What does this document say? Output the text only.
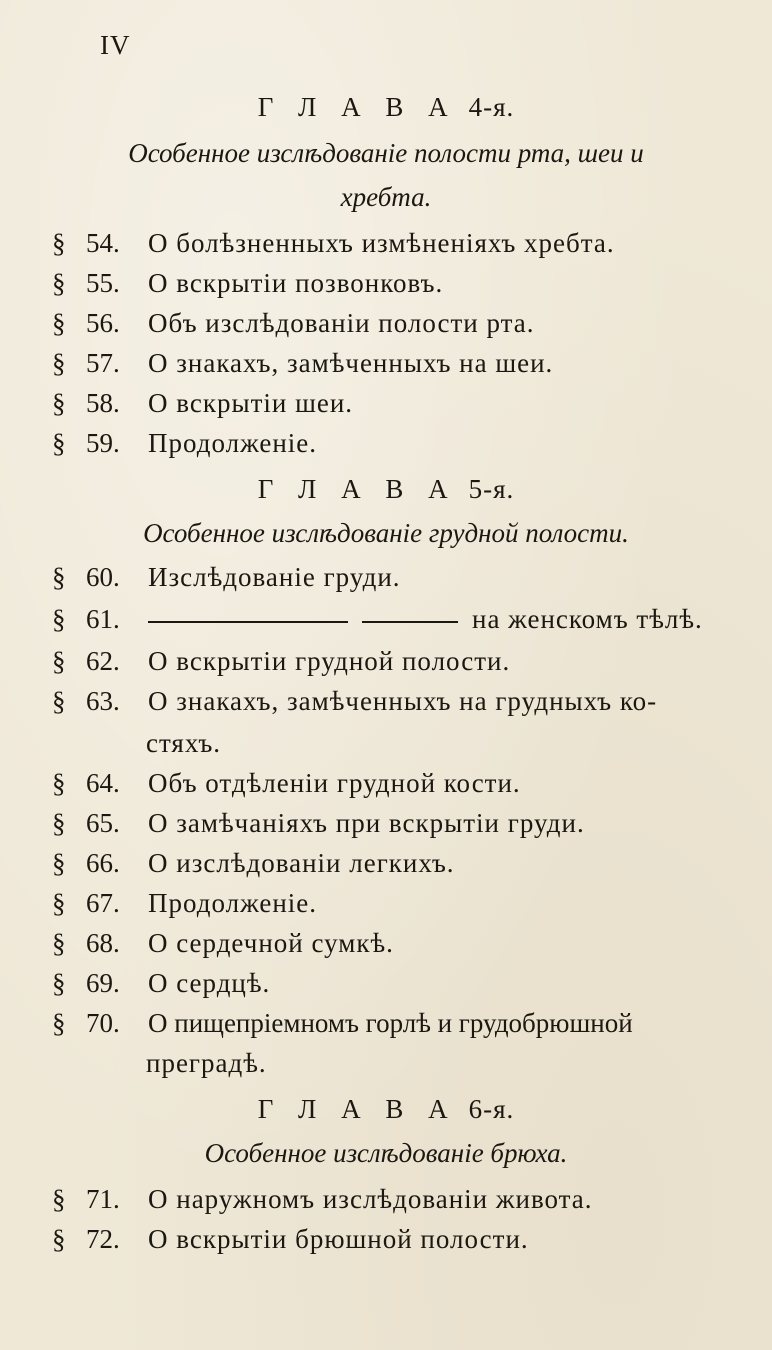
IV
Г Л А В А 4-я.
Особенное изслѣдованіе полости рта, шеи и
хребта.
§ 54. О болѣзненныхъ измѣненіяхъ хребта.
§ 55. О вскрытіи позвонковъ.
§ 56. Объ изслѣдованіи полости рта.
§ 57. О знакахъ, замѣченныхъ на шеи.
§ 58. О вскрытіи шеи.
§ 59. Продолженіе.
Г Л А В А 5-я.
Особенное изслѣдованіе грудной полости.
§ 60. Изслѣдованіе груди.
§ 61.	на женскомъ тѣлѣ.
§ 62. О вскрытіи грудной полости.
§ 63. О знакахъ, замѣченныхъ на грудныхъ ко-
стяхъ.
§ 64. Объ отдѣленіи грудной кости.
§ 65. О замѣчаніяхъ при вскрытіи груди.
§ 66. О изслѣдованіи легкихъ.
§ 67. Продолженіе.
§ 68. О сердечной сумкѣ.
§ 69. О сердцѣ.
§ 70. О пищепріемномъ горлѣ и грудобрюшной
преградѣ.
Г Л А В А 6-я.
Особенное изслѣдованіе брюха.
§ 71. О наружномъ изслѣдованіи живота.
§ 72. О вскрытіи брюшной полости.
